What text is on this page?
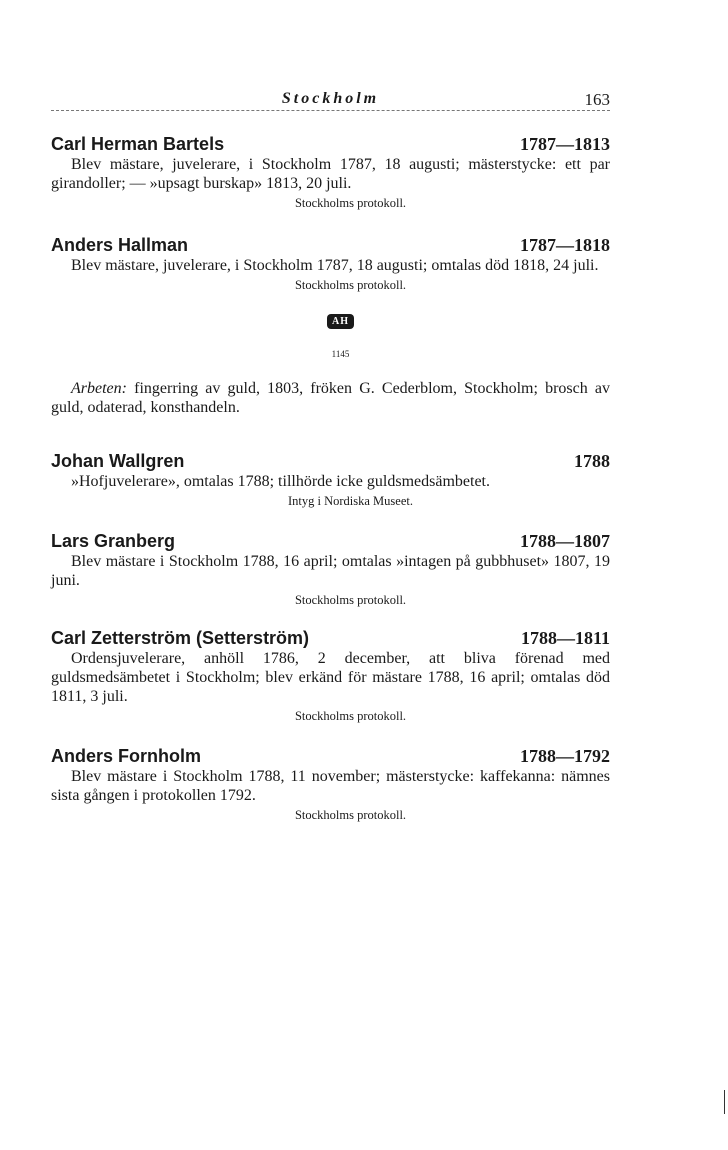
Stockholm	163
Carl Herman Bartels	1787—1813
Blev mästare, juvelerare, i Stockholm 1787, 18 augusti; mästerstycke: ett par girandoller; — »upsagt burskap» 1813, 20 juli.
Stockholms protokoll.
Anders Hallman	1787—1818
Blev mästare, juvelerare, i Stockholm 1787, 18 augusti; omtalas död 1818, 24 juli.
Stockholms protokoll.
AH
1145
Arbeten: fingerring av guld, 1803, fröken G. Cederblom, Stockholm; brosch av guld, odaterad, konsthandeln.
Johan Wallgren	1788
»Hofjuvelerare», omtalas 1788; tillhörde icke guldsmedsämbetet.
Intyg i Nordiska Museet.
Lars Granberg	1788—1807
Blev mästare i Stockholm 1788, 16 april; omtalas »intagen på gubbhuset» 1807, 19 juni.
Stockholms protokoll.
Carl Zetterström (Setterström)	1788—1811
Ordensjuvelerare, anhöll 1786, 2 december, att bliva förenad med guldsmedsämbetet i Stockholm; blev erkänd för mästare 1788, 16 april; omtalas död 1811, 3 juli.
Stockholms protokoll.
Anders Fornholm	1788—1792
Blev mästare i Stockholm 1788, 11 november; mästerstycke: kaffekanna: nämnes sista gången i protokollen 1792.
Stockholms protokoll.
